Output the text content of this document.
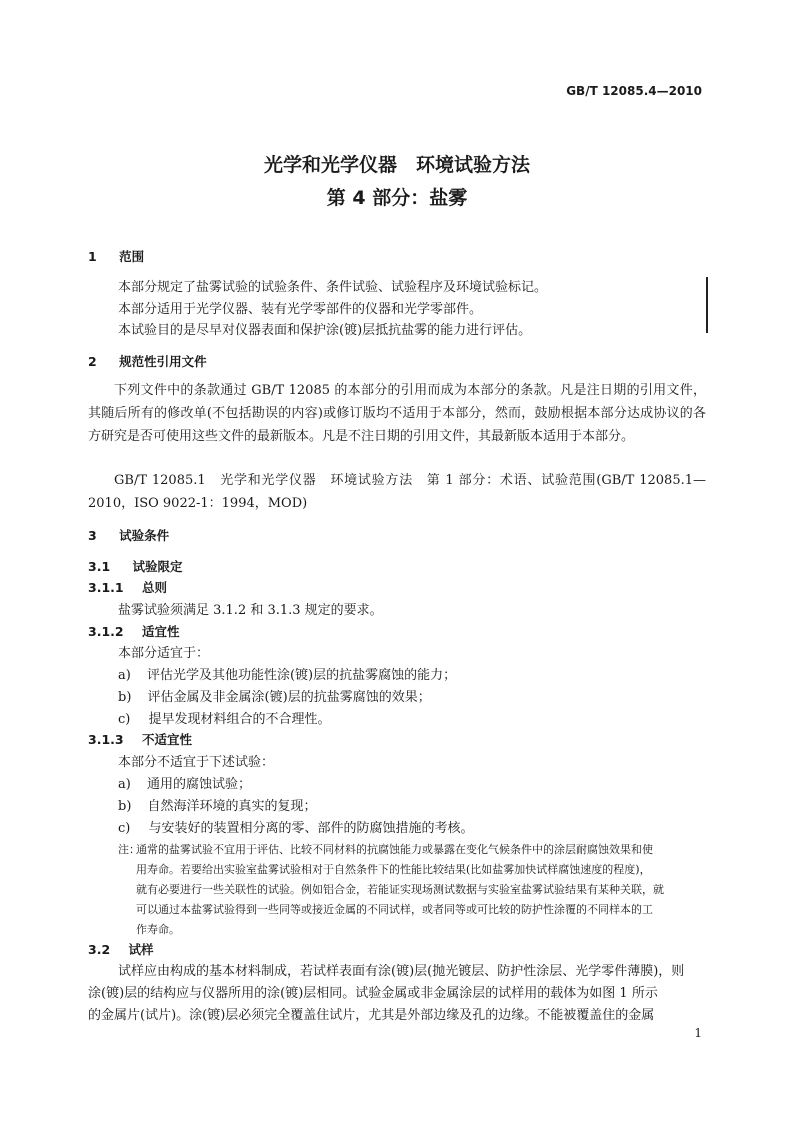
GB/T 12085.4—2010
光学和光学仪器　环境试验方法
第 4 部分：盐雾
1 范围
本部分规定了盐雾试验的试验条件、条件试验、试验程序及环境试验标记。
本部分适用于光学仪器、装有光学零部件的仪器和光学零部件。
本试验目的是尽早对仪器表面和保护涂(镀)层抵抗盐雾的能力进行评估。
2 规范性引用文件
下列文件中的条款通过 GB/T 12085 的本部分的引用而成为本部分的条款。凡是注日期的引用文件，其随后所有的修改单(不包括勘误的内容)或修订版均不适用于本部分，然而，鼓励根据本部分达成协议的各方研究是否可使用这些文件的最新版本。凡是不注日期的引用文件，其最新版本适用于本部分。
GB/T 12085.1　光学和光学仪器　环境试验方法　第 1 部分：术语、试验范围(GB/T 12085.1—2010，ISO 9022-1：1994，MOD)
3 试验条件
3.1 试验限定
3.1.1 总则
盐雾试验须满足 3.1.2 和 3.1.3 规定的要求。
3.1.2 适宜性
本部分适宜于：
a) 评估光学及其他功能性涂(镀)层的抗盐雾腐蚀的能力；
b) 评估金属及非金属涂(镀)层的抗盐雾腐蚀的效果；
c) 提早发现材料组合的不合理性。
3.1.3 不适宜性
本部分不适宜于下述试验：
a) 通用的腐蚀试验；
b) 自然海洋环境的真实的复现；
c) 与安装好的装置相分离的零、部件的防腐蚀措施的考核。
注：
通常的盐雾试验不宜用于评估、比较不同材料的抗腐蚀能力或暴露在变化气候条件中的涂层耐腐蚀效果和使
用寿命。若要给出实验室盐雾试验相对于自然条件下的性能比较结果(比如盐雾加快试样腐蚀速度的程度)，
就有必要进行一些关联性的试验。例如铝合金，若能证实现场测试数据与实验室盐雾试验结果有某种关联，就
可以通过本盐雾试验得到一些同等或接近金属的不同试样，或者同等或可比较的防护性涂覆的不同样本的工
作寿命。
3.2 试样
试样应由构成的基本材料制成，若试样表面有涂(镀)层(抛光镀层、防护性涂层、光学零件薄膜)，则
涂(镀)层的结构应与仪器所用的涂(镀)层相同。试验金属或非金属涂层的试样用的载体为如图 1 所示
的金属片(试片)。涂(镀)层必须完全覆盖住试片，尤其是外部边缘及孔的边缘。不能被覆盖住的金属
1
